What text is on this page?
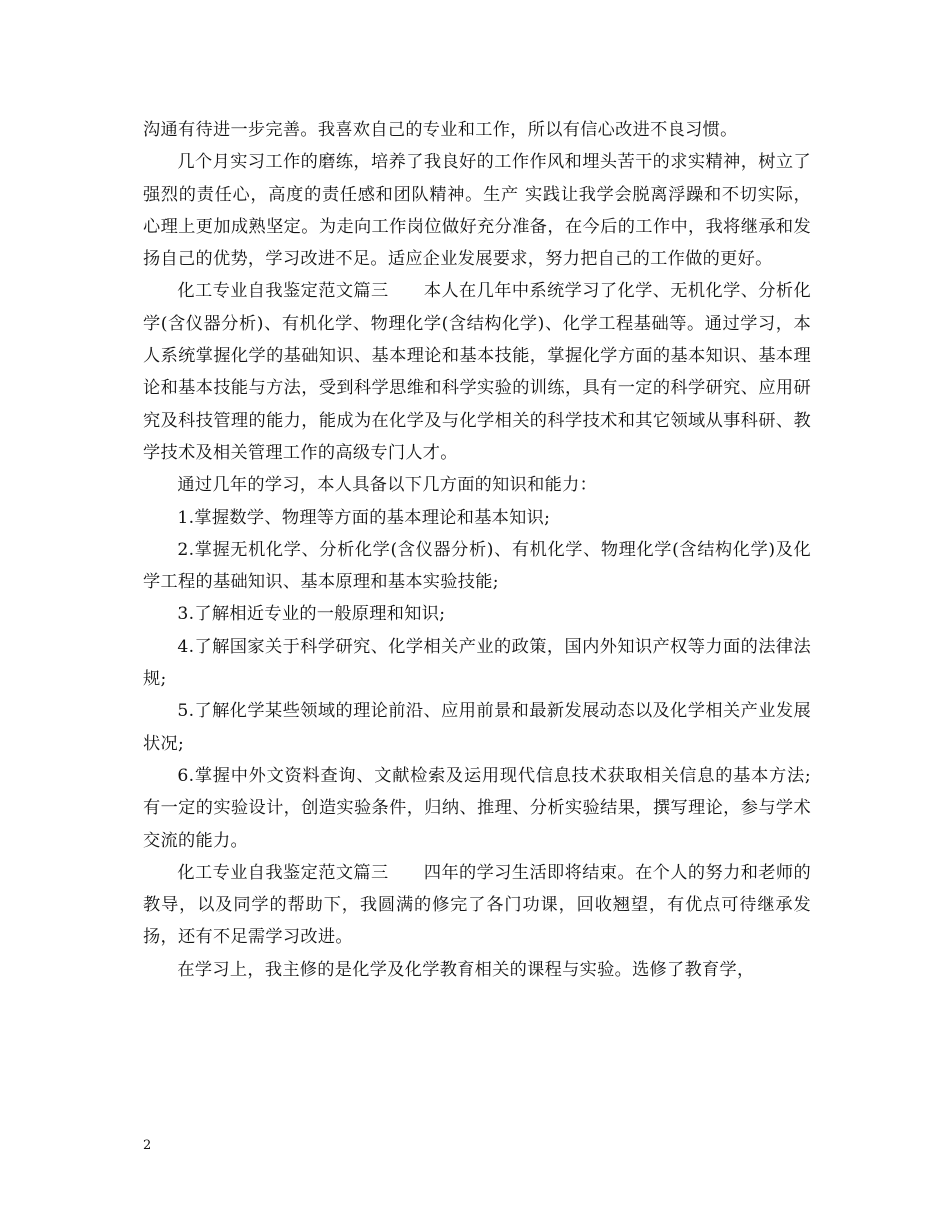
沟通有待进一步完善。我喜欢自己的专业和工作，所以有信心改进不良习惯。

几个月实习工作的磨练，培养了我良好的工作作风和埋头苦干的求实精神，树立了强烈的责任心，高度的责任感和团队精神。生产 实践让我学会脱离浮躁和不切实际，心理上更加成熟坚定。为走向工作岗位做好充分准备，在今后的工作中，我将继承和发扬自己的优势，学习改进不足。适应企业发展要求，努力把自己的工作做的更好。

化工专业自我鉴定范文篇三　　本人在几年中系统学习了化学、无机化学、分析化学(含仪器分析)、有机化学、物理化学(含结构化学)、化学工程基础等。通过学习，本人系统掌握化学的基础知识、基本理论和基本技能，掌握化学方面的基本知识、基本理论和基本技能与方法，受到科学思维和科学实验的训练，具有一定的科学研究、应用研究及科技管理的能力，能成为在化学及与化学相关的科学技术和其它领域从事科研、教学技术及相关管理工作的高级专门人才。

通过几年的学习，本人具备以下几方面的知识和能力：

1.掌握数学、物理等方面的基本理论和基本知识;

2.掌握无机化学、分析化学(含仪器分析)、有机化学、物理化学(含结构化学)及化学工程的基础知识、基本原理和基本实验技能;

3.了解相近专业的一般原理和知识;

4.了解国家关于科学研究、化学相关产业的政策，国内外知识产权等力面的法律法规;

5.了解化学某些领域的理论前沿、应用前景和最新发展动态以及化学相关产业发展状况;

6.掌握中外文资料查询、文献检索及运用现代信息技术获取相关信息的基本方法;有一定的实验设计，创造实验条件，归纳、推理、分析实验结果，撰写理论，参与学术交流的能力。

化工专业自我鉴定范文篇三　　四年的学习生活即将结束。在个人的努力和老师的教导，以及同学的帮助下，我圆满的修完了各门功课，回收翘望，有优点可待继承发扬，还有不足需学习改进。

在学习上，我主修的是化学及化学教育相关的课程与实验。选修了教育学，

2
